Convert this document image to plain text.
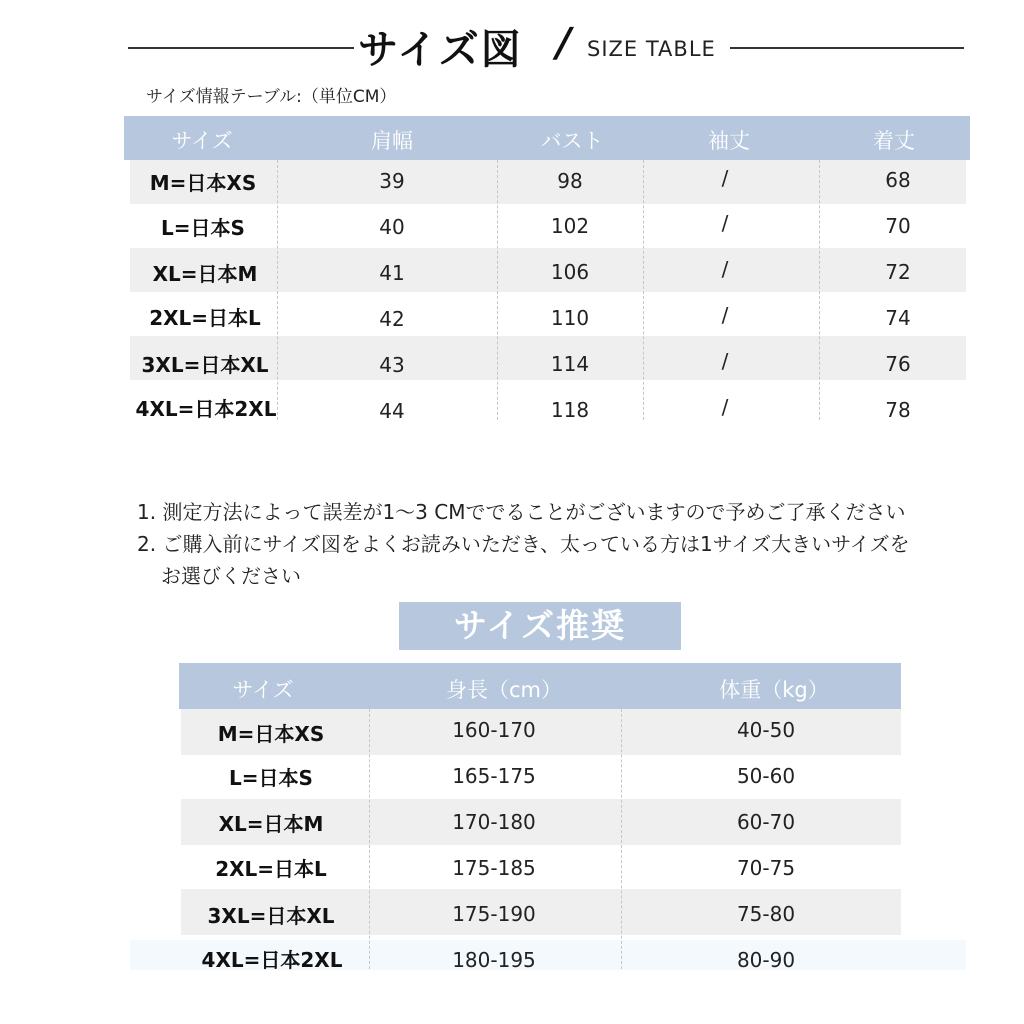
サイズ図 / SIZE TABLE
サイズ情報テーブル:（単位CM）
サイズ	肩幅	バスト	袖丈	着丈
M=日本XS	39	98	/	68
L=日本S	40	102	/	70
XL=日本M	41	106	/	72
2XL=日本L	42	110	/	74
3XL=日本XL	43	114	/	76
4XL=日本2XL	44	118	/	78
1. 測定方法によって誤差が1〜3 CMででることがございますので予めご了承ください
2. ご購入前にサイズ図をよくお読みいただき、太っている方は1サイズ大きいサイズを
お選びください
サイズ推奨
サイズ	身長（cm）	体重（kg）
M=日本XS	160-170	40-50
L=日本S	165-175	50-60
XL=日本M	170-180	60-70
2XL=日本L	175-185	70-75
3XL=日本XL	175-190	75-80
4XL=日本2XL	180-195	80-90
